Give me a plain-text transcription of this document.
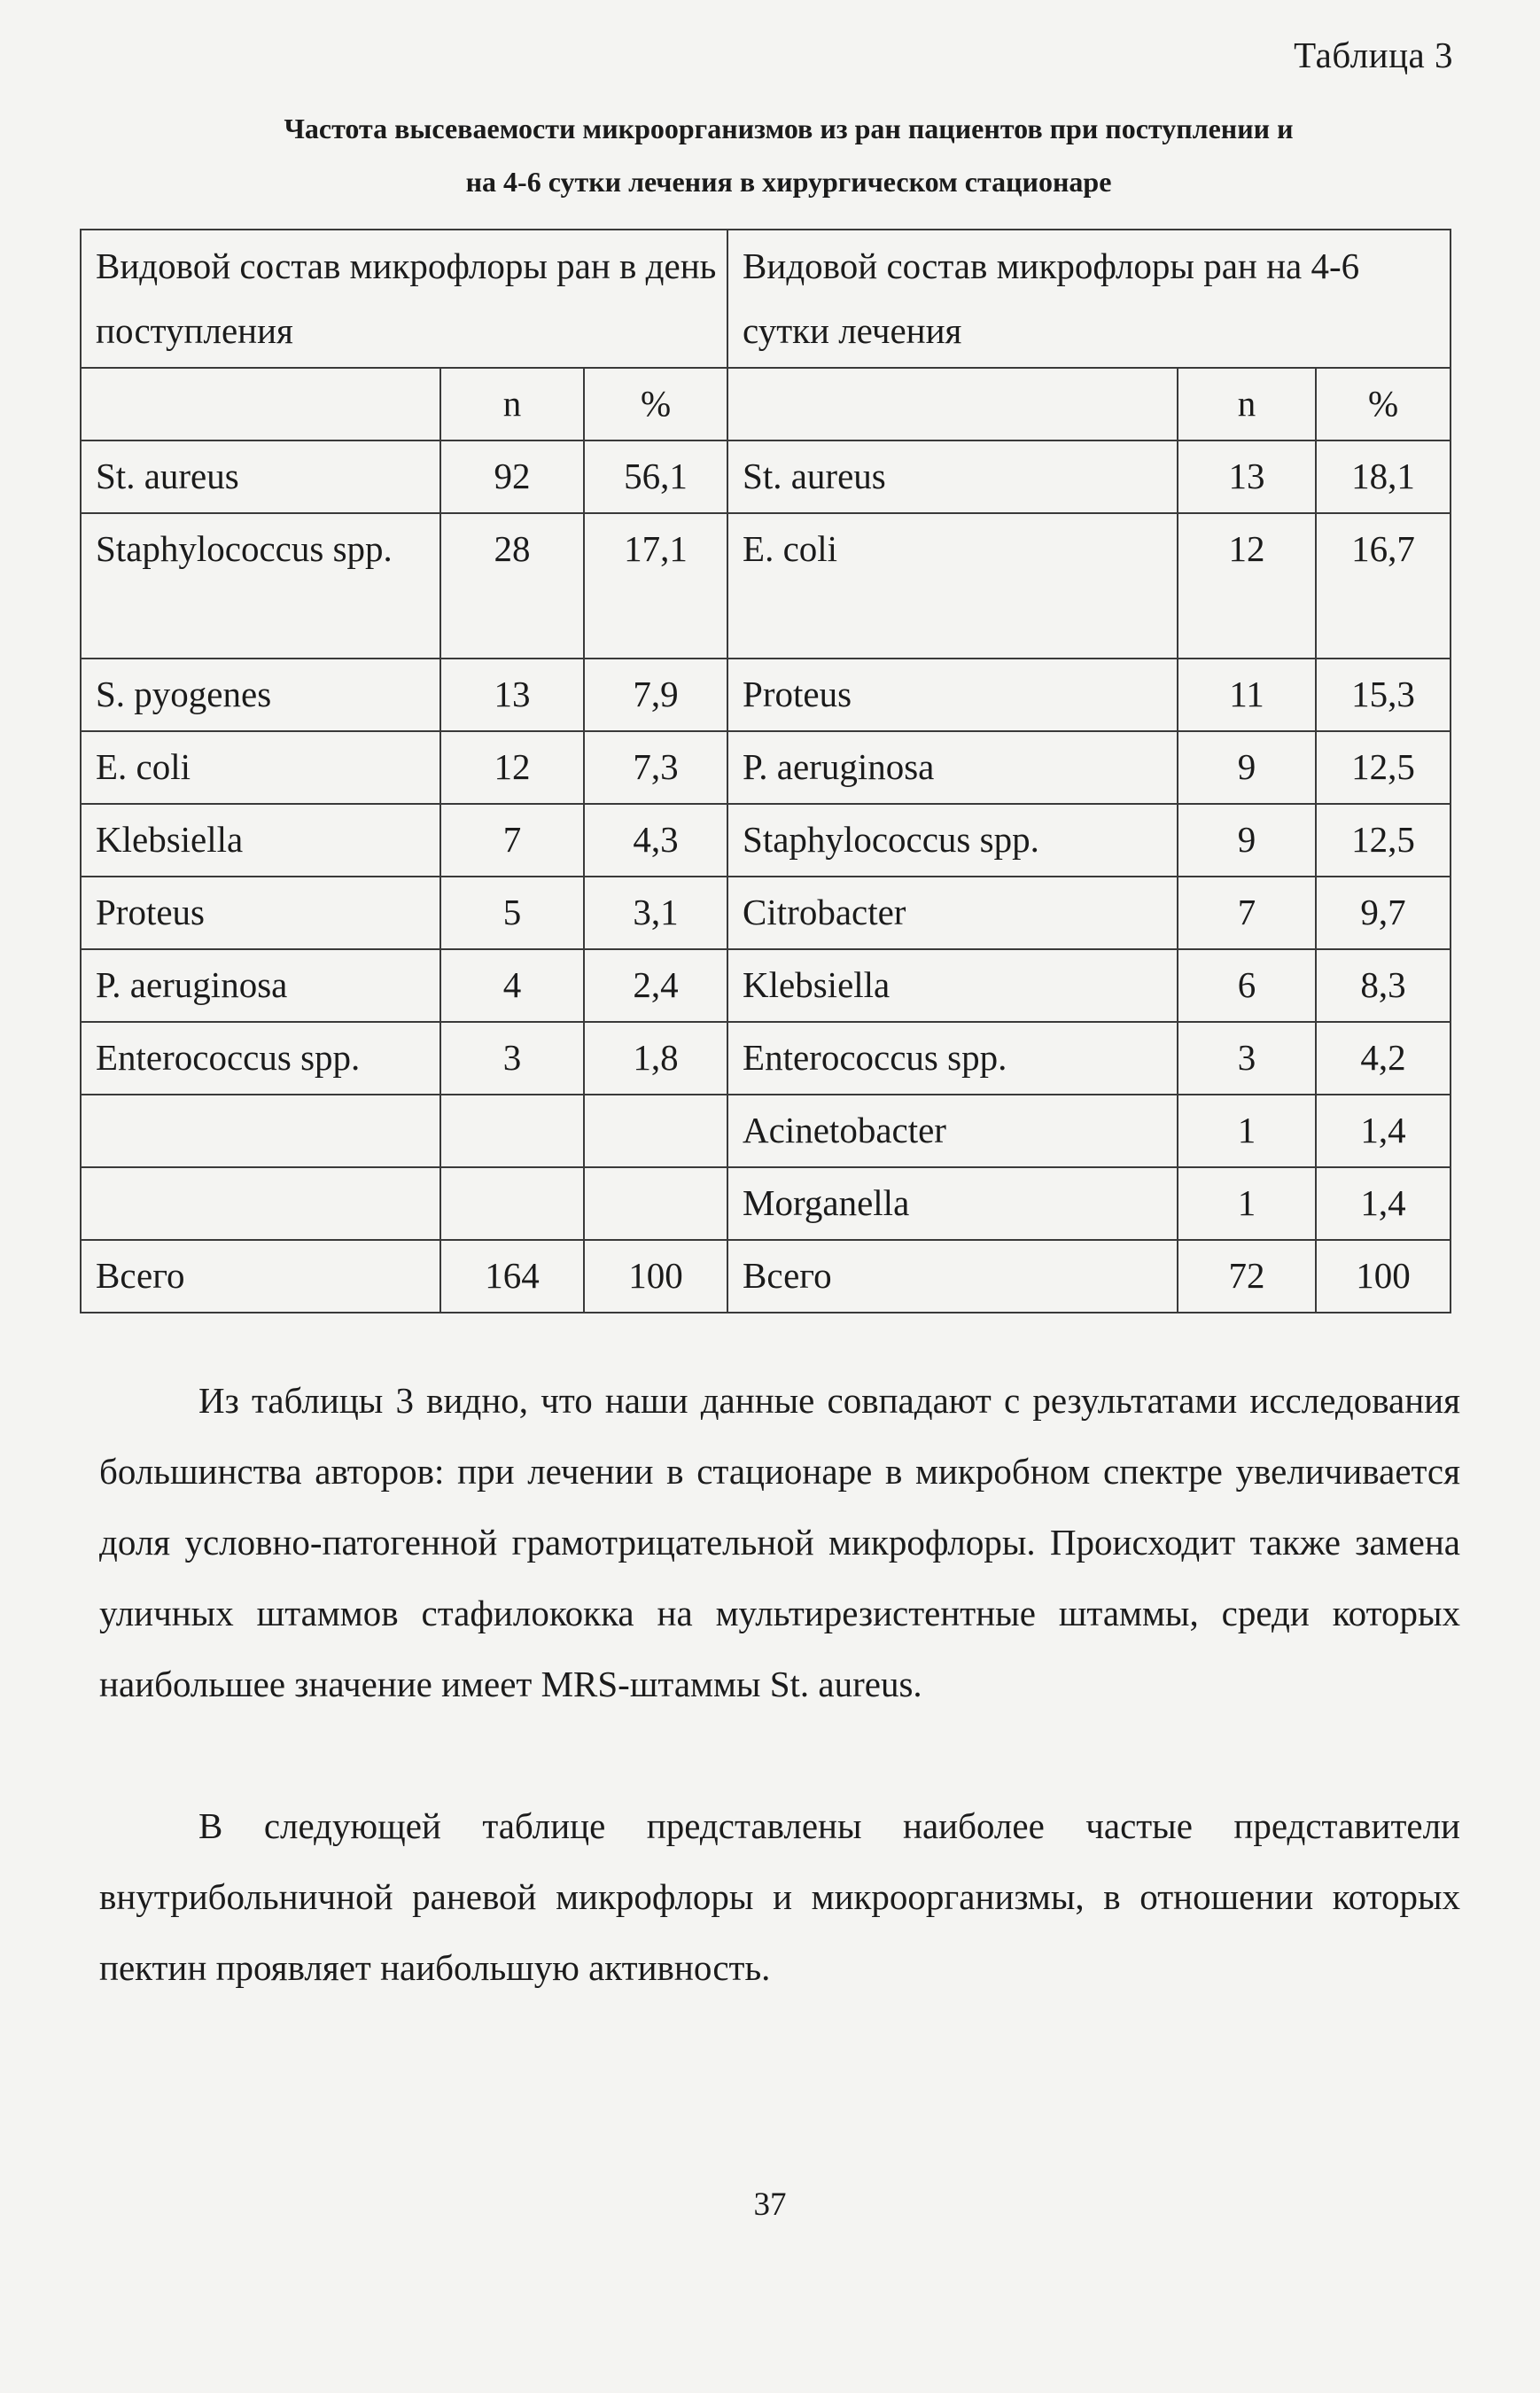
Таблица 3
Частота высеваемости микроорганизмов из ран пациентов при поступлении и
на 4-6 сутки лечения в хирургическом стационаре
Видовой состав микрофлоры ран в день поступления			Видовой состав микрофлоры ран на 4-6 сутки лечения		
	n	%		n	%
St. aureus	92	56,1	St. aureus	13	18,1
Staphylococcus spp.	28	17,1	E. coli	12	16,7
S. pyogenes	13	7,9	Proteus	11	15,3
E. coli	12	7,3	P. aeruginosa	9	12,5
Klebsiella	7	4,3	Staphylococcus spp.	9	12,5
Proteus	5	3,1	Citrobacter	7	9,7
P. aeruginosa	4	2,4	Klebsiella	6	8,3
Enterococcus spp.	3	1,8	Enterococcus spp.	3	4,2
			Acinetobacter	1	1,4
			Morganella	1	1,4
Всего	164	100	Всего	72	100
Из таблицы 3 видно, что наши данные совпадают с результатами исследования большинства авторов: при лечении в стационаре в микробном спектре увеличивается доля условно-патогенной грамотрицательной микрофлоры. Происходит также замена уличных штаммов стафилококка на мультирезистентные штаммы, среди которых наибольшее значение имеет MRS-штаммы St. aureus.
В следующей таблице представлены наиболее частые представители внутрибольничной раневой микрофлоры и микроорганизмы, в отношении которых пектин проявляет наибольшую активность.
37
